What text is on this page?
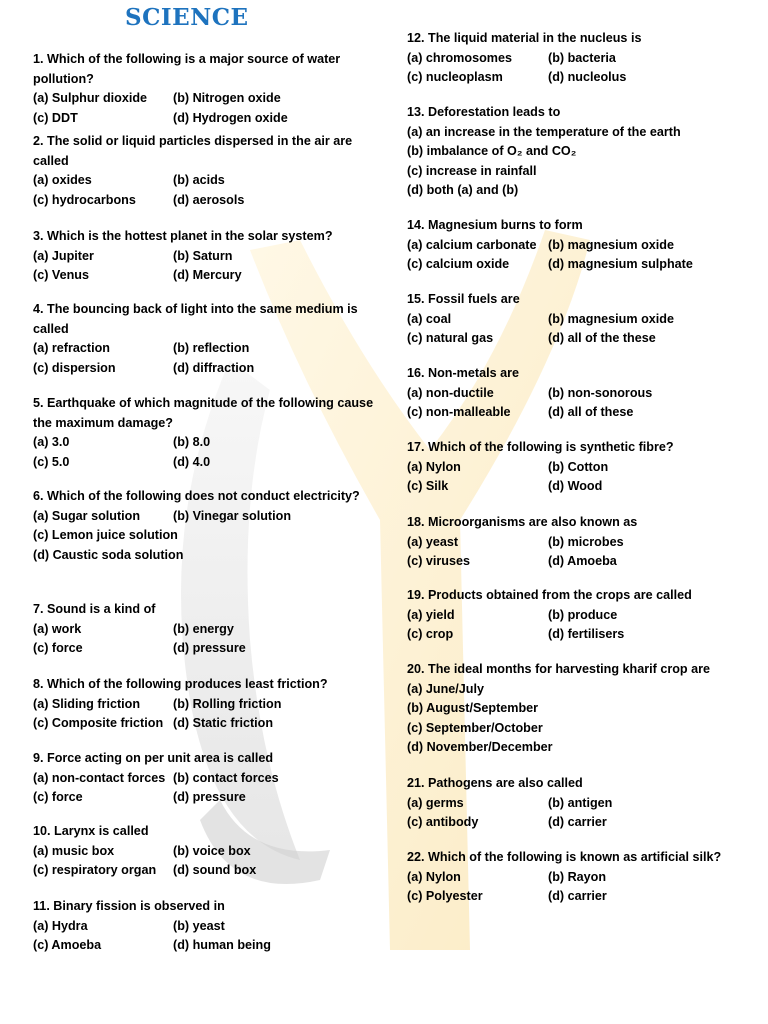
SCIENCE
1. Which of the following is a major source of water pollution?
(a) Sulphur dioxide	(b) Nitrogen oxide
(c) DDT	(d) Hydrogen oxide
2. The solid or liquid particles dispersed in the air are called
(a) oxides	(b) acids
(c) hydrocarbons	(d) aerosols
3. Which is the hottest planet in the solar system?
(a) Jupiter	(b) Saturn
(c) Venus	(d) Mercury
4. The bouncing back of light into the same medium is called
(a) refraction	(b) reflection
(c) dispersion	(d) diffraction
5. Earthquake of which magnitude of the following cause the maximum damage?
(a) 3.0	(b) 8.0
(c) 5.0	(d) 4.0
6. Which of the following does not conduct electricity?
(a) Sugar solution	(b) Vinegar solution
(c) Lemon juice solution
(d) Caustic soda solution
7. Sound is a kind of
(a) work	(b) energy
(c) force	(d) pressure
8. Which of the following produces least friction?
(a) Sliding friction	(b) Rolling friction
(c) Composite friction (d) Static friction
9. Force acting on per unit area is called
(a) non-contact forces (b) contact forces
(c) force	(d) pressure
10. Larynx is called
(a) music box	(b) voice box
(c) respiratory organ	(d) sound box
11. Binary fission is observed in
(a) Hydra	(b) yeast
(c) Amoeba	(d) human being
12. The liquid material in the nucleus is
(a) chromosomes	(b) bacteria
(c) nucleoplasm	(d) nucleolus
13. Deforestation leads to
(a) an increase in the temperature of the earth
(b) imbalance of O₂ and CO₂
(c) increase in rainfall
(d) both (a) and (b)
14. Magnesium burns to form
(a) calcium carbonate (b) magnesium oxide
(c) calcium oxide	(d) magnesium sulphate
15. Fossil fuels are
(a) coal	(b) magnesium oxide
(c) natural gas	(d) all of the these
16. Non-metals are
(a) non-ductile	(b) non-sonorous
(c) non-malleable	(d) all of these
17. Which of the following is synthetic fibre?
(a) Nylon	(b) Cotton
(c) Silk	(d) Wood
18. Microorganisms are also known as
(a) yeast	(b) microbes
(c) viruses	(d) Amoeba
19. Products obtained from the crops are called
(a) yield	(b) produce
(c) crop	(d) fertilisers
20. The ideal months for harvesting kharif crop are
(a) June/July
(b) August/September
(c) September/October
(d) November/December
21. Pathogens are also called
(a) germs	(b) antigen
(c) antibody	(d) carrier
22. Which of the following is known as artificial silk?
(a) Nylon	(b) Rayon
(c) Polyester	(d) carrier
